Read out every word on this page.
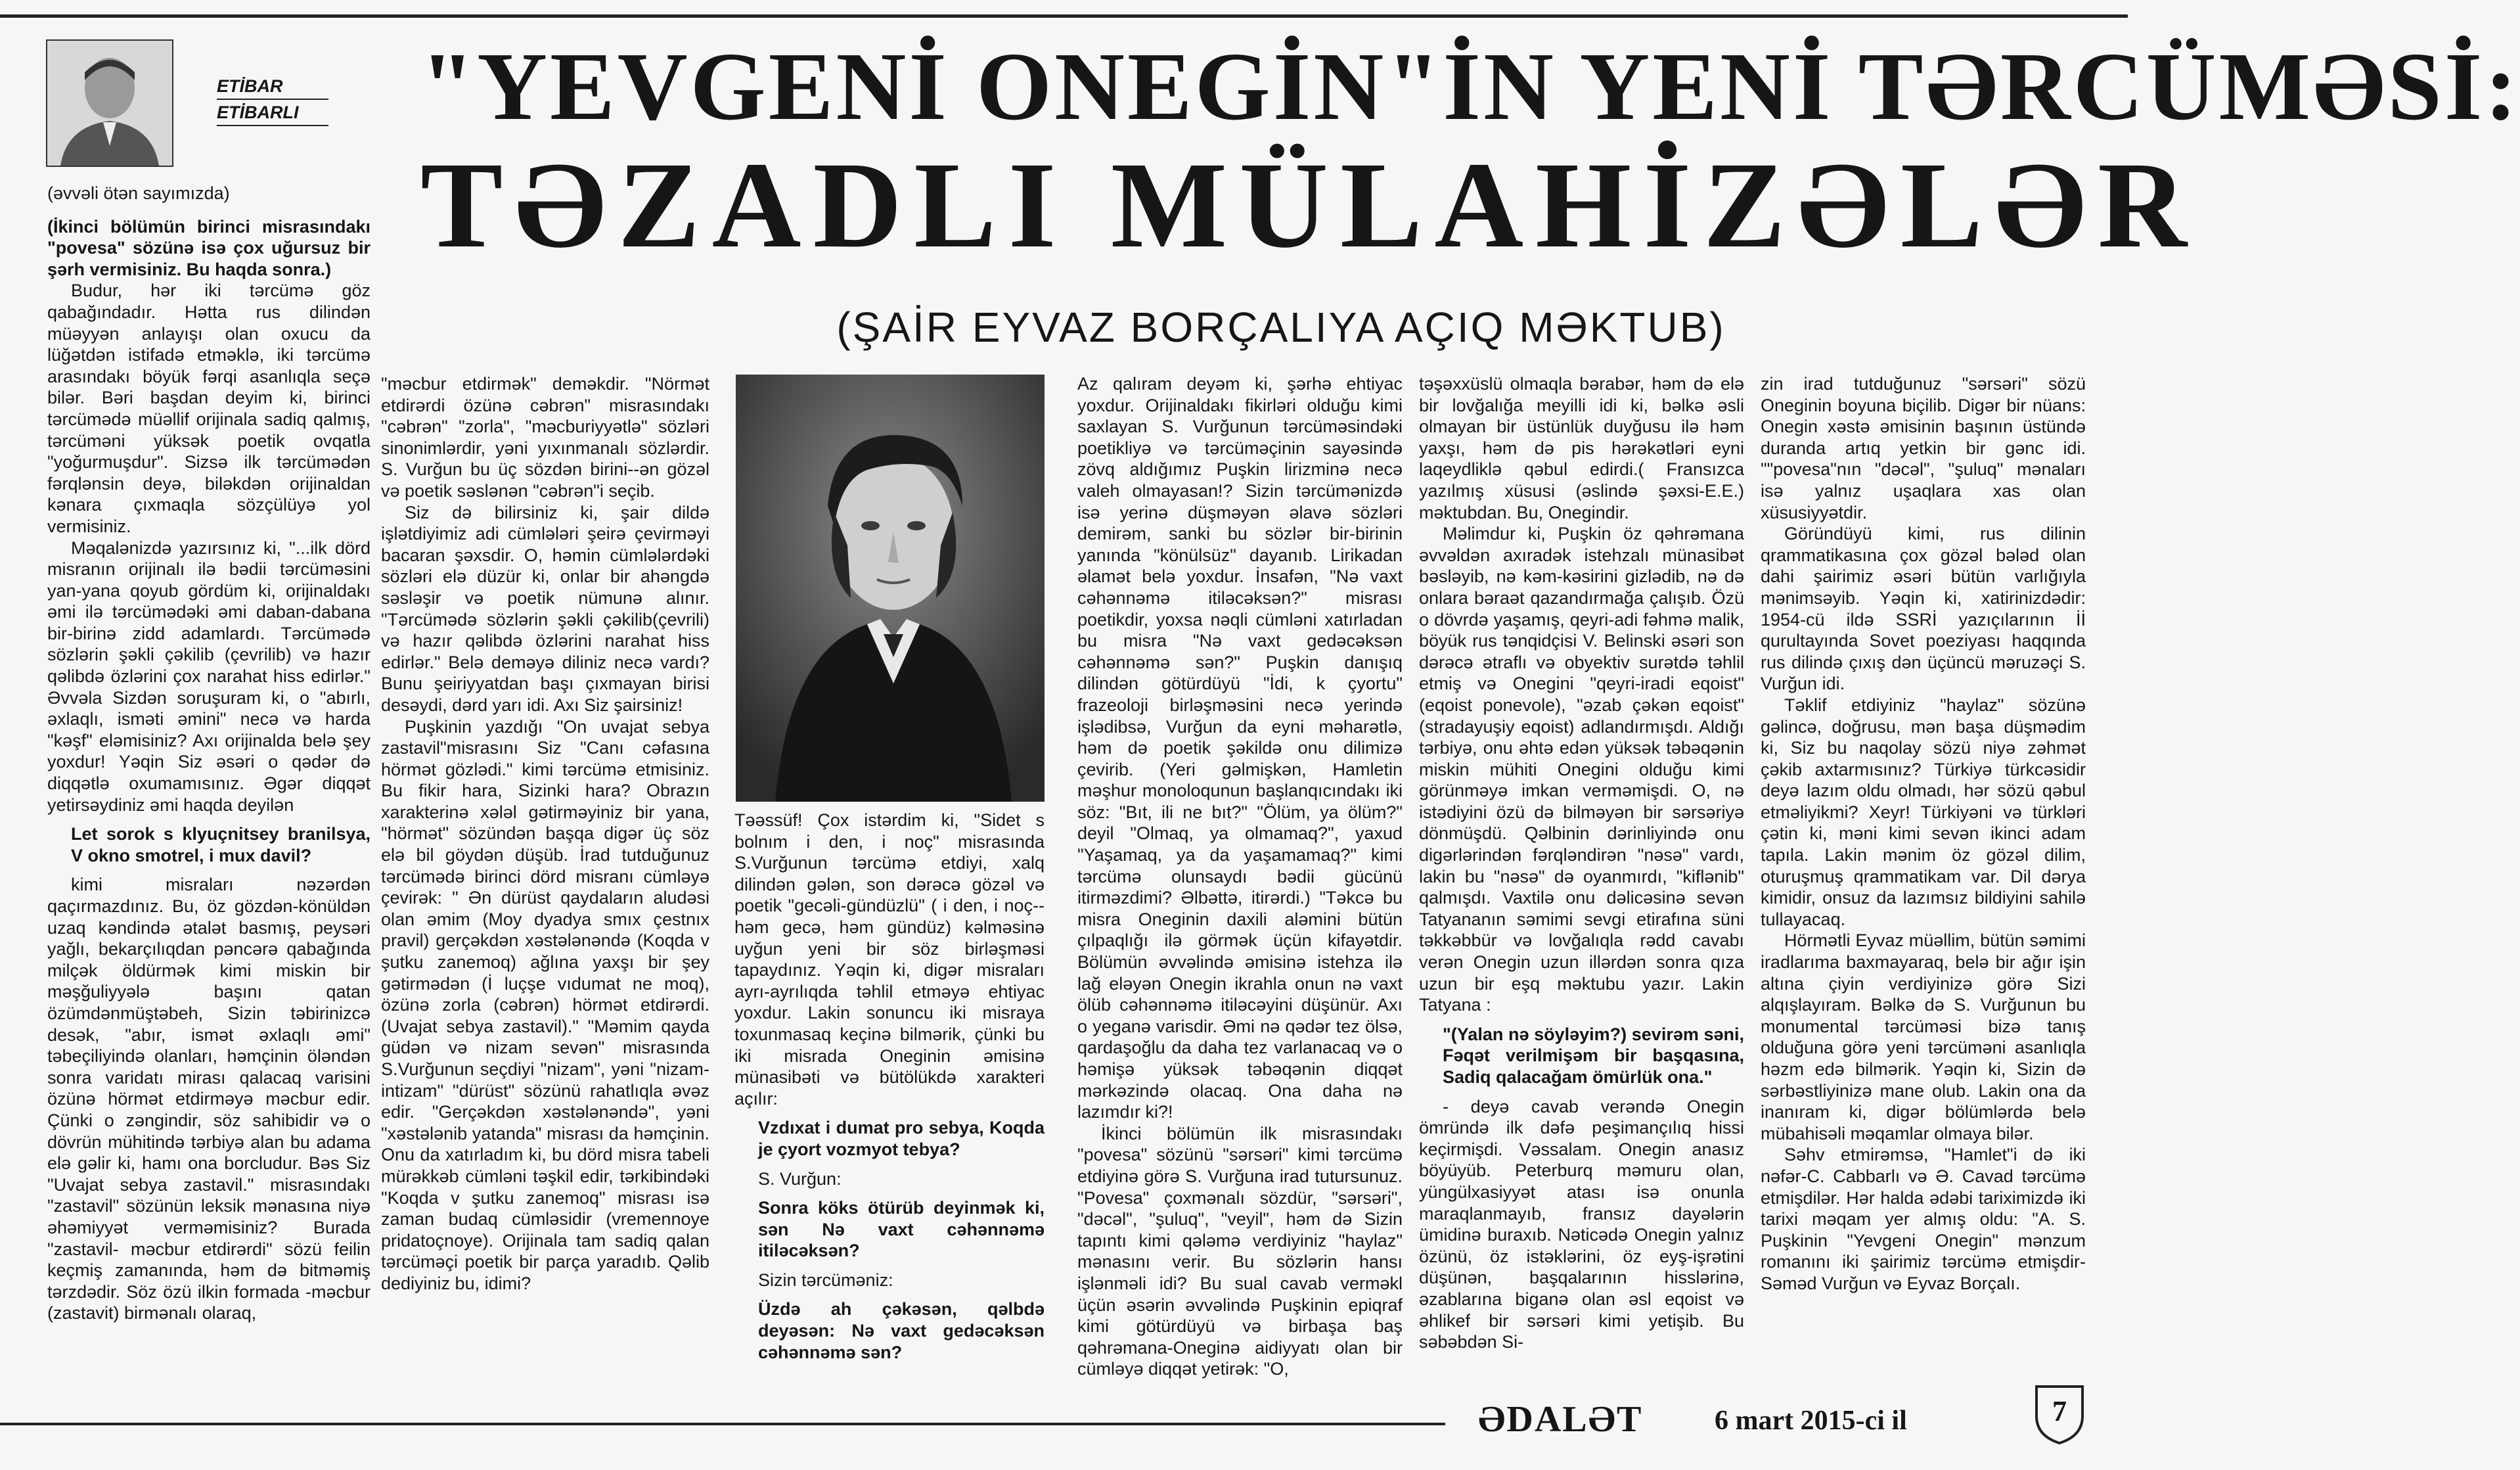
ETİBAR
ETİBARLI	"YEVGENİ ONEGİN"İN YENİ TƏRCÜMƏSİ:
TƏZADLI MÜLAHİZƏLƏR
(ŞAİR EYVAZ BORÇALIYA AÇIQ MƏKTUB)

(əvvəli ötən sayımızda)

(İkinci bölümün birinci misrasındakı "povesa" sözünə isə çox uğursuz bir şərh vermisiniz. Bu haqda sonra.)

Budur, hər iki tərcümə göz qabağındadır. Hətta rus dilindən müəyyən anlayışı olan oxucu da lüğətdən istifadə etməklə, iki tərcümə arasındakı böyük fərqi asanlıqla seçə bilər. Bəri başdan deyim ki, birinci tərcümədə müəllif orijinala sadiq qalmış, tərcüməni yüksək poetik ovqatla "yoğurmuşdur". Sizsə ilk tərcümədən fərqlənsin deyə, biləkdən orijinaldan kənara çıxmaqla sözçülüyə yol vermisiniz.

Məqalənizdə yazırsınız ki, "...ilk dörd misranın orijinalı ilə bədii tərcüməsini yan-yana qoyub gördüm ki, orijinaldakı əmi ilə tərcümədəki əmi daban-dabana bir-birinə zidd adamlardı. Tərcümədə sözlərin şəkli çəkilib (çevrilib) və hazır qəlibdə özlərini çox narahat hiss edirlər." Əvvəla Sizdən soruşuram ki, o "abırlı, əxlaqlı, isməti əmini" necə və harda "kəşf" eləmisiniz? Axı orijinalda belə şey yoxdur! Yəqin Siz əsəri o qədər də diqqətlə oxumamısınız. Əgər diqqət yetirsəydiniz əmi haqda deyilən

Let sorok s klyuçnitsey branilsya, V okno smotrel, i mux davil?

kimi misraları nəzərdən qaçırmazdınız. Bu, öz gözdən-könüldən uzaq kəndində ətalət basmış, peysəri yağlı, bekarçılıqdan pəncərə qabağında milçək öldürmək kimi miskin bir məşğuliyyələ başını qatan özümdənmüştəbeh, Sizin təbirinizcə desək, "abır, ismət əxlaqlı əmi" təbeçiliyində olanları, həmçinin öləndən sonra varidatı mirası qalacaq varisini özünə hörmət etdirməyə məcbur edir. Çünki o zəngindir, söz sahibidir və o dövrün mühitində tərbiyə alan bu adama elə gəlir ki, hamı ona borcludur. Bəs Siz "Uvajat sebya zastavil." misrasındakı "zastavil" sözünün leksik mənasına niyə əhəmiyyət verməmisiniz? Burada "zastavil- məcbur etdirərdi" sözü feilin keçmiş zamanında, həm də bitməmiş tərzdədir. Söz özü ilkin formada -məcbur (zastavit) birmənalı olaraq,

"məcbur etdirmək" deməkdir. "Nörmət etdirərdi özünə cəbrən" misrasındakı "cəbrən" "zorla", "məcburiyyətlə" sözləri sinonimlərdir, yəni yıxınmanalı sözlərdir. S. Vurğun bu üç sözdən birini--ən gözəl və poetik səslənən "cəbrən"i seçib.

Siz də bilirsiniz ki, şair dildə işlətdiyimiz adi cümlələri şeirə çevirməyi bacaran şəxsdir. O, həmin cümlələrdəki sözləri elə düzür ki, onlar bir ahəngdə səsləşir və poetik nümunə alınır. "Tərcümədə sözlərin şəkli çəkilib(çevrili) və hazır qəlibdə özlərini narahat hiss edirlər." Belə deməyə diliniz necə vardı? Bunu şeiriyyatdan başı çıxmayan birisi desəydi, dərd yarı idi. Axı Siz şairsiniz!

Puşkinin yazdığı "On uvajat sebya zastavil"misrasını Siz "Canı cəfasına hörmət gözlədi." kimi tərcümə etmisiniz. Bu fikir hara, Sizinki hara? Obrazın xarakterinə xələl gətirməyiniz bir yana, "hörmət" sözündən başqa digər üç söz elə bil göydən düşüb. İrad tutduğunuz tərcümədə birinci dörd misranı cümləyə çevirək: " Ən dürüst qaydaların aludəsi olan əmim (Moy dyadya smıx çestnıx pravil) gerçəkdən xəstələnəndə (Koqda v şutku zanemoq) ağlına yaxşı bir şey gətirmədən (İ luçşe vıdumat ne moq), özünə zorla (cəbrən) hörmət etdirərdi.(Uvajat sebya zastavil)." "Məmim qayda güdən və nizam sevən" misrasında S.Vurğunun seçdiyi "nizam", yəni "nizam-intizam" "dürüst" sözünü rahatlıqla əvəz edir. "Gerçəkdən xəstələnəndə", yəni "xəstələnib yatanda" misrası da həmçinin. Onu da xatırladım ki, bu dörd misra tabeli mürəkkəb cümləni təşkil edir, tərkibindəki "Koqda v şutku zanemoq" misrası isə zaman budaq cümləsidir (vremennoye pridatoçnoye). Orijinala tam sadiq qalan tərcüməçi poetik bir parça yaradıb. Qəlib dediyiniz bu, idimi?

Təəssüf! Çox istərdim ki, "Sidet s bolnım i den, i noç" misrasında S.Vurğunun tərcümə etdiyi, xalq dilindən gələn, son dərəcə gözəl və poetik "gecəli-gündüzlü" ( i den, i noç--həm gecə, həm gündüz) kəlməsinə uyğun yeni bir söz birləşməsi tapaydınız. Yəqin ki, digər misraları ayrı-ayrılıqda təhlil etməyə ehtiyac yoxdur. Lakin sonuncu iki misraya toxunmasaq keçinə bilmərik, çünki bu iki misrada Oneginin əmisinə münasibəti və bütölükdə xarakteri açılır:

Vzdıxat i dumat pro sebya, Koqda je çyort vozmyot tebya?

S. Vurğun:

Sonra köks ötürüb deyinmək ki, sən Nə vaxt cəhənnəmə itiləcəksən?

Sizin tərcüməniz:

Üzdə ah çəkəsən, qəlbdə deyəsən: Nə vaxt gedəcəksən cəhənnəmə sən?

Az qalıram deyəm ki, şərhə ehtiyac yoxdur. Orijinaldakı fikirləri olduğu kimi saxlayan S. Vurğunun tərcüməsindəki poetikliyə və tərcüməçinin sayəsində zövq aldığımız Puşkin lirizminə necə valeh olmayasan!? Sizin tərcümənizdə isə yerinə düşməyən əlavə sözləri demirəm, sanki bu sözlər bir-birinin yanında "könülsüz" dayanıb. Lirikadan əlamət belə yoxdur. İnsafən, "Nə vaxt cəhənnəmə itiləcəksən?" misrası poetikdir, yoxsa nəqli cümləni xatırladan bu misra "Nə vaxt gedəcəksən cəhənnəmə sən?" Puşkin danışıq dilindən götürdüyü "İdi, k çyortu" frazeoloji birləşməsini necə yerində işlədibsə, Vurğun da eyni məharətlə, həm də poetik şəkildə onu dilimizə çevirib. (Yeri gəlmişkən, Hamletin məşhur monoloqunun başlanqıcındakı iki söz: "Bıt, ili ne bıt?" "Ölüm, ya ölüm?" deyil "Olmaq, ya olmamaq?", yaxud "Yaşamaq, ya da yaşamamaq?" kimi tərcümə olunsaydı bədii gücünü itirməzdimi? Əlbəttə, itirərdi.) "Təkcə bu misra Oneginin daxili aləmini bütün çılpaqlığı ilə görmək üçün kifayətdir. Bölümün əvvəlində əmisinə istehza ilə lağ eləyən Onegin ikrahla onun nə vaxt ölüb cəhənnəmə itiləcəyini düşünür. Axı o yeganə varisdir. Əmi nə qədər tez ölsə, qardaşoğlu da daha tez varlanacaq və o həmişə yüksək təbəqənin diqqət mərkəzində olacaq. Ona daha nə lazımdır ki?!

İkinci bölümün ilk misrasındakı "povesa" sözünü "sərsəri" kimi tərcümə etdiyinə görə S. Vurğuna irad tutursunuz. "Povesa" çoxmənalı sözdür, "sərsəri", "dəcəl", "şuluq", "veyil", həm də Sizin tapıntı kimi qələmə verdiyiniz "haylaz" mənasını verir. Bu sözlərin hansı işlənməli idi? Bu sual cavab verməkl üçün əsərin əvvəlində Puşkinin epiqraf kimi götürdüyü və birbaşa baş qəhrəmana-Oneginə aidiyyatı olan bir cümləyə diqqət yetirək: "O,

təşəxxüslü olmaqla bərabər, həm də elə bir lovğalığa meyilli idi ki, bəlkə əsli olmayan bir üstünlük duyğusu ilə həm yaxşı, həm də pis hərəkətləri eyni laqeydliklə qəbul edirdi.( Fransızca yazılmış xüsusi (əslində şəxsi-E.E.) məktubdan. Bu, Onegindir.

Məlimdur ki, Puşkin öz qəhrəmana əvvəldən axıradək istehzalı münasibət bəsləyib, nə kəm-kəsirini gizlədib, nə də onlara bəraət qazandırmağa çalışıb. Özü o dövrdə yaşamış, qeyri-adi fəhmə malik, böyük rus tənqidçisi V. Belinski əsəri son dərəcə ətraflı və obyektiv surətdə təhlil etmiş və Onegini "qeyri-iradi eqoist" (eqoist ponevole), "əzab çəkən eqoist" (stradayuşiy eqoist) adlandırmışdı. Aldığı tərbiyə, onu əhtə edən yüksək təbəqənin miskin mühiti Onegini olduğu kimi görünməyə imkan verməmişdi. O, nə istədiyini özü də bilməyən bir sərsəriyə dönmüşdü. Qəlbinin dərinliyində onu digərlərindən fərqləndirən "nəsə" vardı, lakin bu "nəsə" də oyanmırdı, "kiflənib" qalmışdı. Vaxtilə onu dəlicəsinə sevən Tatyananın səmimi sevgi etirafına süni təkkəbbür və lovğalıqla rədd cavabı verən Onegin uzun illərdən sonra qıza uzun bir eşq məktubu yazır. Lakin Tatyana :

"(Yalan nə söyləyim?) sevirəm səni, Fəqət verilmişəm bir başqasına, Sadiq qalacağam ömürlük ona."

- deyə cavab verəndə Onegin ömründə ilk dəfə peşimançılıq hissi keçirmişdi. Vəssalam. Onegin anasız böyüyüb. Peterburq məmuru olan, yüngülxasiyyət atası isə onunla maraqlanmayıb, fransız dayələrin ümidinə buraxıb. Nəticədə Onegin yalnız özünü, öz istəklərini, öz eyş-işrətini düşünən, başqalarının hisslərinə, əzablarına biganə olan əsl eqoist və əhlikef bir sərsəri kimi yetişib. Bu səbəbdən Si-

zin irad tutduğunuz "sərsəri" sözü Oneginin boyuna biçilib. Digər bir nüans: Onegin xəstə əmisinin başının üstündə duranda artıq yetkin bir gənc idi. ""povesa"nın "dəcəl", "şuluq" mənaları isə yalnız uşaqlara xas olan xüsusiyyətdir.

Göründüyü kimi, rus dilinin qrammatikasına çox gözəl bələd olan dahi şairimiz əsəri bütün varlığıyla mənimsəyib. Yəqin ki, xatirinizdədir: 1954-cü ildə SSRİ yazıçılarının İİ qurultayında Sovet poeziyası haqqında rus dilində çıxış dən üçüncü məruzəçi S. Vurğun idi.

Təklif etdiyiniz "haylaz" sözünə gəlincə, doğrusu, mən başa düşmədim ki, Siz bu naqolay sözü niyə zəhmət çəkib axtarmısınız? Türkiyə türkcəsidir deyə lazım oldu olmadı, hər sözü qəbul etməliyikmi? Xeyr! Türkiyəni və türkləri çətin ki, məni kimi sevən ikinci adam tapıla. Lakin mənim öz gözəl dilim, oturuşmuş qrammatikam var. Dil dərya kimidir, onsuz da lazımsız bildiyini sahilə tullayacaq.

Hörmətli Eyvaz müəllim, bütün səmimi iradlarıma baxmayaraq, belə bir ağır işin altına çiyin verdiyinizə görə Sizi alqışlayıram. Bəlkə də S. Vurğunun bu monumental tərcüməsi bizə tanış olduğuna görə yeni tərcüməni asanlıqla həzm edə bilmərik. Yəqin ki, Sizin də sərbəstliyinizə mane olub. Lakin ona da inanıram ki, digər bölümlərdə belə mübahisəli məqamlar olmaya bilər.

Səhv etmirəmsə, "Hamlet"i də iki nəfər-C. Cabbarlı və Ə. Cavad tərcümə etmişdilər. Hər halda ədəbi tariximizdə iki tarixi məqam yer almış oldu: "A. S. Puşkinin "Yevgeni Onegin" mənzum romanını iki şairimiz tərcümə etmişdir-Səməd Vurğun və Eyvaz Borçalı.

ƏDALƏT	6 mart 2015-ci il	7
